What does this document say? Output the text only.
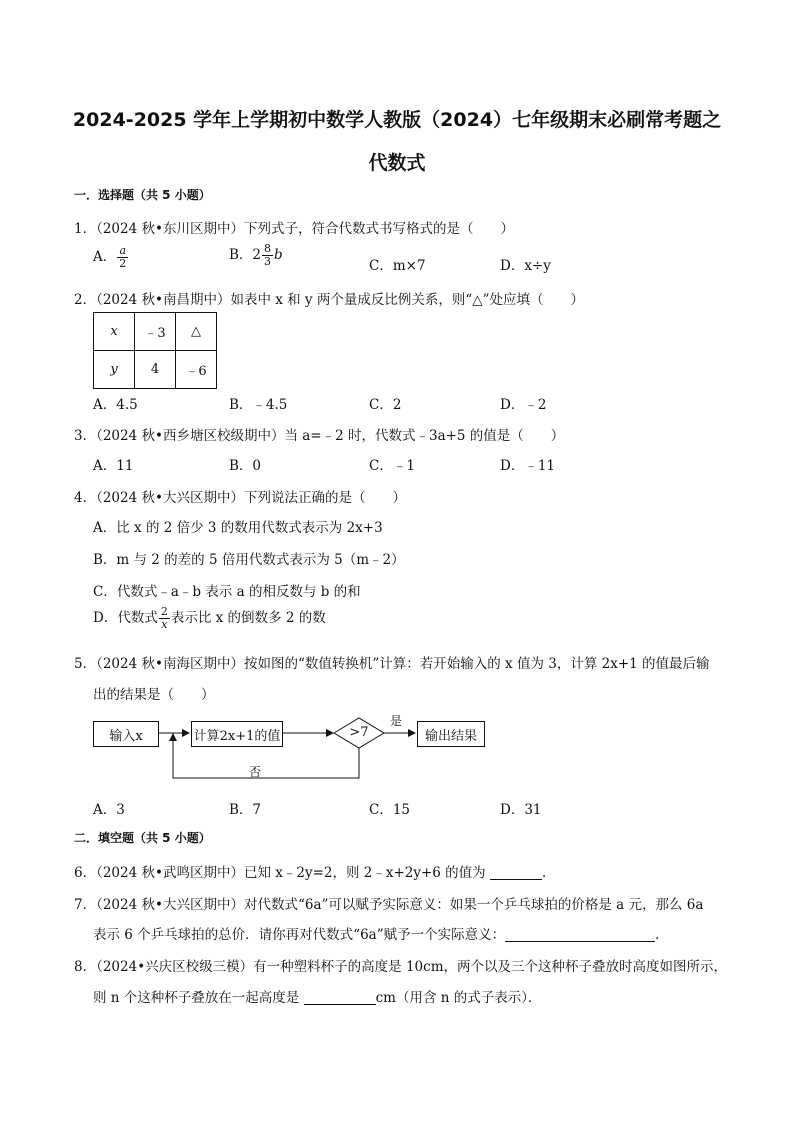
2024-2025 学年上学期初中数学人教版（2024）七年级期末必刷常考题之
代数式
一．选择题（共 5 小题）
1．（2024 秋•东川区期中）下列式子，符合代数式书写格式的是（　　）
A． $\frac{a}{2}$	B．$2 \frac{8}{3}$ b
C．m×7	D．x÷y
2．（2024 秋•南昌期中）如表中 x 和 y 两个量成反比例关系，则“△”处应填（　　）
x	﹣3	△
y	4	﹣6
A．4.5	B．﹣4.5	C．2	D．﹣2
3．（2024 秋•西乡塘区校级期中）当 a=﹣2 时，代数式﹣3a+5 的值是（　　）
A．11	B．0	C．﹣1	D．﹣11
4．（2024 秋•大兴区期中）下列说法正确的是（　　）
A．比 x 的 2 倍少 3 的数用代数式表示为 2x+3
B．m 与 2 的差的 5 倍用代数式表示为 5（m﹣2）
C．代数式﹣a﹣b 表示 a 的相反数与 b 的和
D．代数式 $\frac{2}{x}$ 表示比 x 的倒数多 2 的数
5．（2024 秋•南海区期中）按如图的“数值转换机”计算：若开始输入的 x 值为 3，计算 2x+1 的值最后输
出的结果是（　　）
输入x	计算2x+1的值	>7
是
输出结果
否
A．3	B．7	C．15	D．31
二．填空题（共 5 小题）
6．（2024 秋•武鸣区期中）已知 x﹣2y=2，则 2﹣x+2y+6 的值为	．
7．（2024 秋•大兴区期中）对代数式“6a”可以赋予实际意义：如果一个乒乓球拍的价格是 a 元，那么 6a
表示 6 个乒乓球拍的总价．请你再对代数式“6a”赋予一个实际意义：	．
8．（2024•兴庆区校级三模）有一种塑料杯子的高度是 10cm，两个以及三个这种杯子叠放时高度如图所示，
则 n 个这种杯子叠放在一起高度是	cm（用含 n 的式子表示）．
